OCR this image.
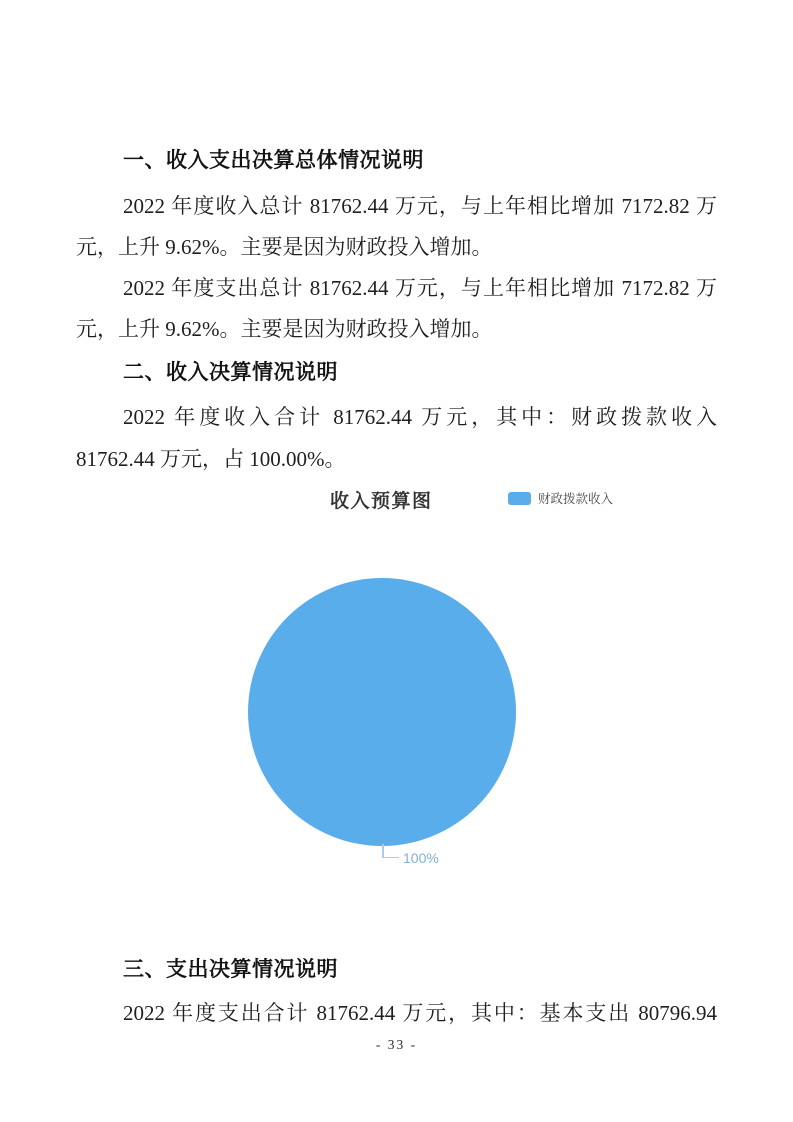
一、收入支出决算总体情况说明
2022 年度收入总计 81762.44 万元，与上年相比增加 7172.82 万
元，上升 9.62%。主要是因为财政投入增加。
2022 年度支出总计 81762.44 万元，与上年相比增加 7172.82 万
元，上升 9.62%。主要是因为财政投入增加。
二、收入决算情况说明
2022 年度收入合计 81762.44 万元，其中：财政拨款收入
81762.44 万元，占 100.00%。
收入预算图	财政拨款收入
100%
三、支出决算情况说明
2022 年度支出合计 81762.44 万元，其中：基本支出 80796.94
- 33 -
